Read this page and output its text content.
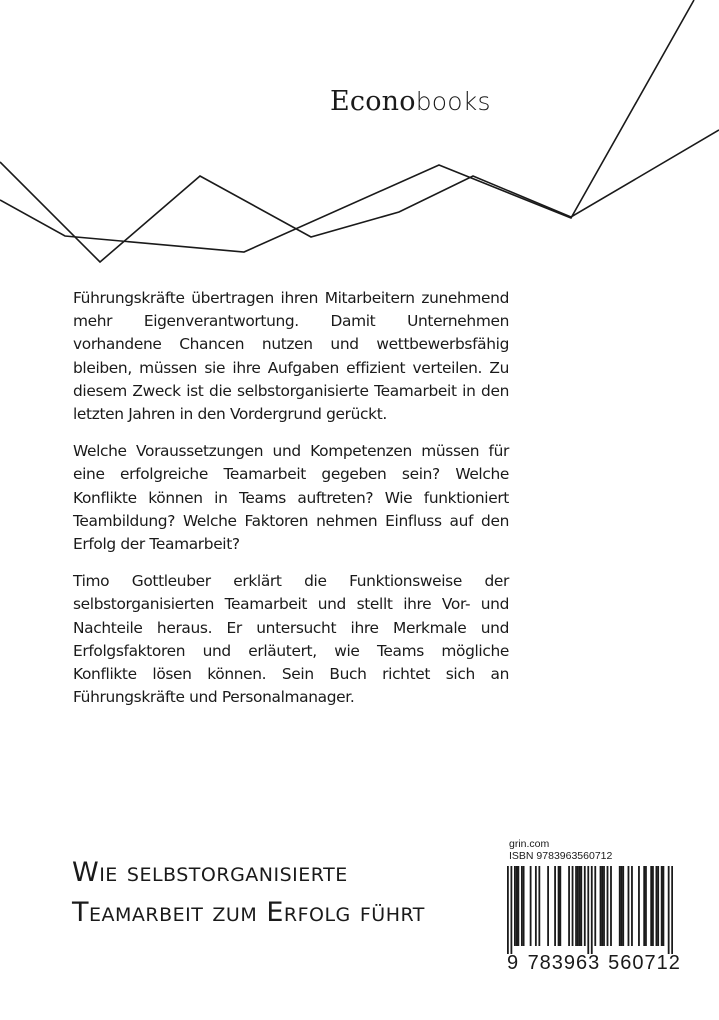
Econobooks

Führungskräfte übertragen ihren Mitarbeitern zunehmend mehr Eigenverantwortung. Damit Unternehmen vorhandene Chancen nutzen und wettbewerbsfähig bleiben, müssen sie ihre Aufgaben effizient verteilen. Zu diesem Zweck ist die selbstorganisierte Teamarbeit in den letzten Jahren in den Vordergrund gerückt.

Welche Voraussetzungen und Kompetenzen müssen für eine erfolgreiche Teamarbeit gegeben sein? Welche Konflikte können in Teams auftreten? Wie funktioniert Teambildung? Welche Faktoren nehmen Einfluss auf den Erfolg der Teamarbeit?

Timo Gottleuber erklärt die Funktionsweise der selbstorganisierten Teamarbeit und stellt ihre Vor- und Nachteile heraus. Er untersucht ihre Merkmale und Erfolgsfaktoren und erläutert, wie Teams mögliche Konflikte lösen können. Sein Buch richtet sich an Führungskräfte und Personalmanager.

Wie selbstorganisierte
Teamarbeit zum Erfolg führt
grin.com
ISBN 9783963560712
9 783963 560712
